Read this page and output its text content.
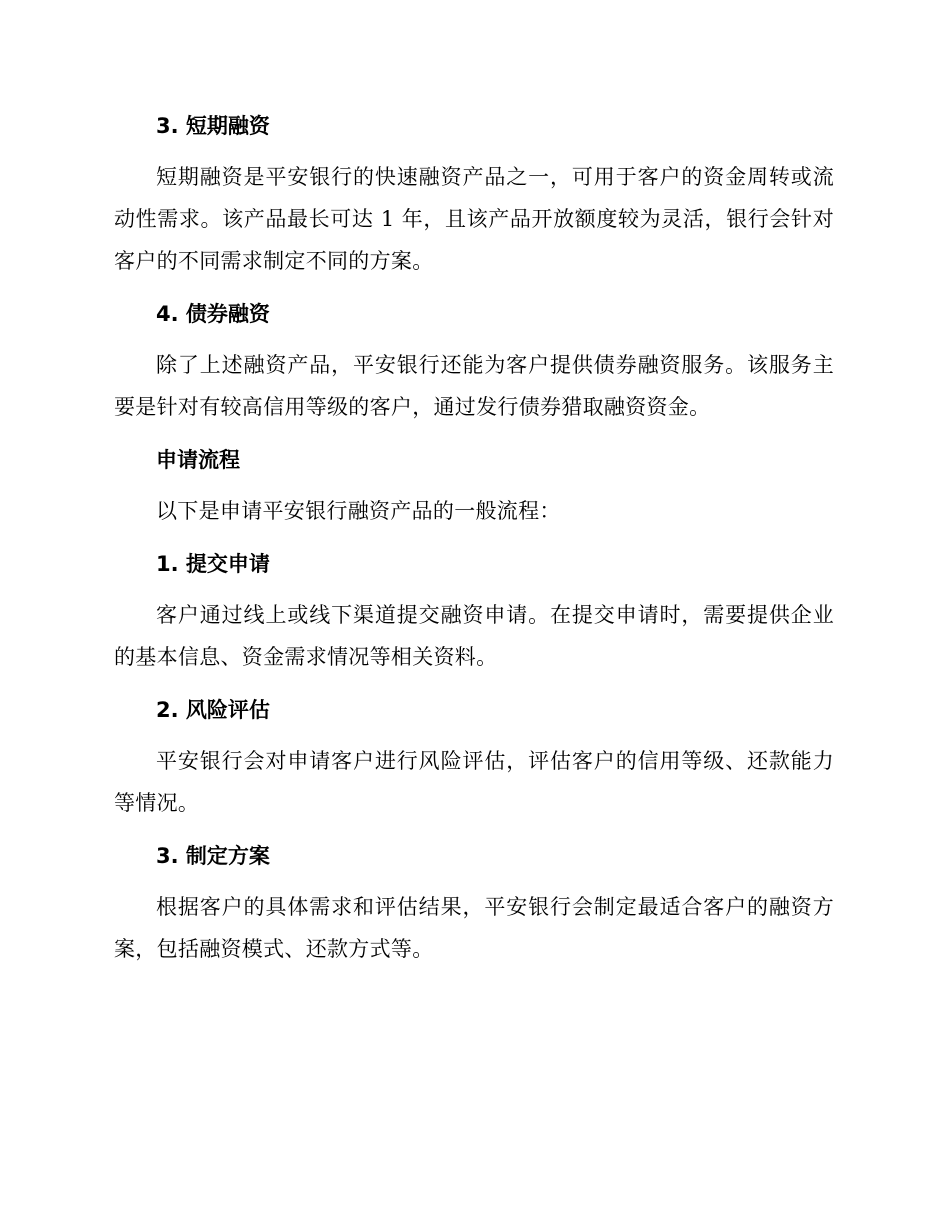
3. 短期融资

短期融资是平安银行的快速融资产品之一，可用于客户的资金周转或流动性需求。该产品最长可达 1 年，且该产品开放额度较为灵活，银行会针对客户的不同需求制定不同的方案。

4. 债券融资

除了上述融资产品，平安银行还能为客户提供债券融资服务。该服务主要是针对有较高信用等级的客户，通过发行债券猎取融资资金。

申请流程

以下是申请平安银行融资产品的一般流程：

1. 提交申请

客户通过线上或线下渠道提交融资申请。在提交申请时，需要提供企业的基本信息、资金需求情况等相关资料。

2. 风险评估

平安银行会对申请客户进行风险评估，评估客户的信用等级、还款能力等情况。

3. 制定方案

根据客户的具体需求和评估结果，平安银行会制定最适合客户的融资方案，包括融资模式、还款方式等。
